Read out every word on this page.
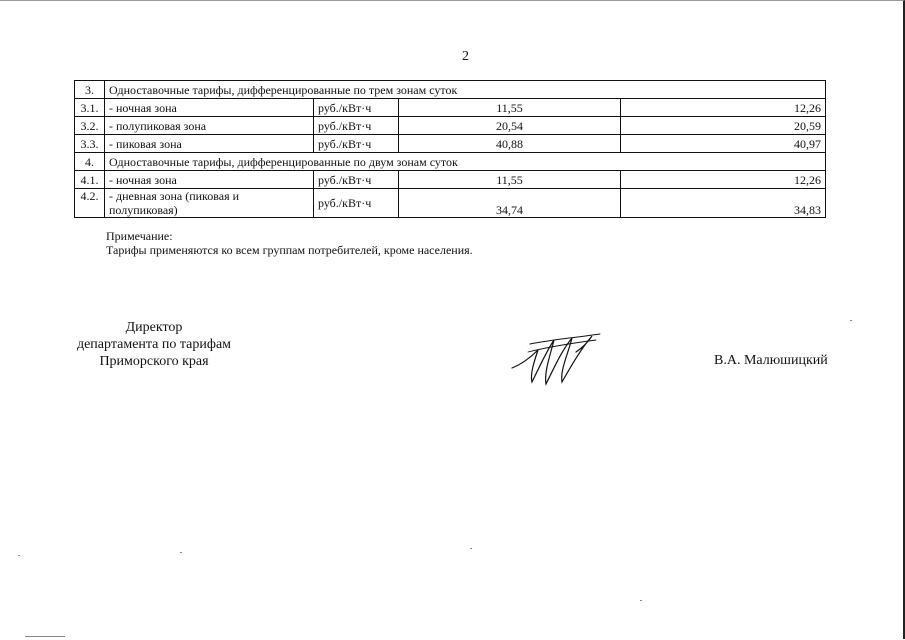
2
3.	Одноставочные тарифы, дифференцированные по трем зонам суток			
3.1.	- ночная зона	руб./кВт·ч	11,55	12,26
3.2.	- полупиковая зона	руб./кВт·ч	20,54	20,59
3.3.	- пиковая зона	руб./кВт·ч	40,88	40,97
4.	Одноставочные тарифы, дифференцированные по двум зонам суток			
4.1.	- ночная зона	руб./кВт·ч	11,55	12,26
4.2.	- дневная зона (пиковая и полупиковая)	руб./кВт·ч	34,74	34,83
Примечание:
Тарифы применяются ко всем группам потребителей, кроме населения.
Директор
департамента по тарифам
Приморского края	В.А. Малюшицкий
